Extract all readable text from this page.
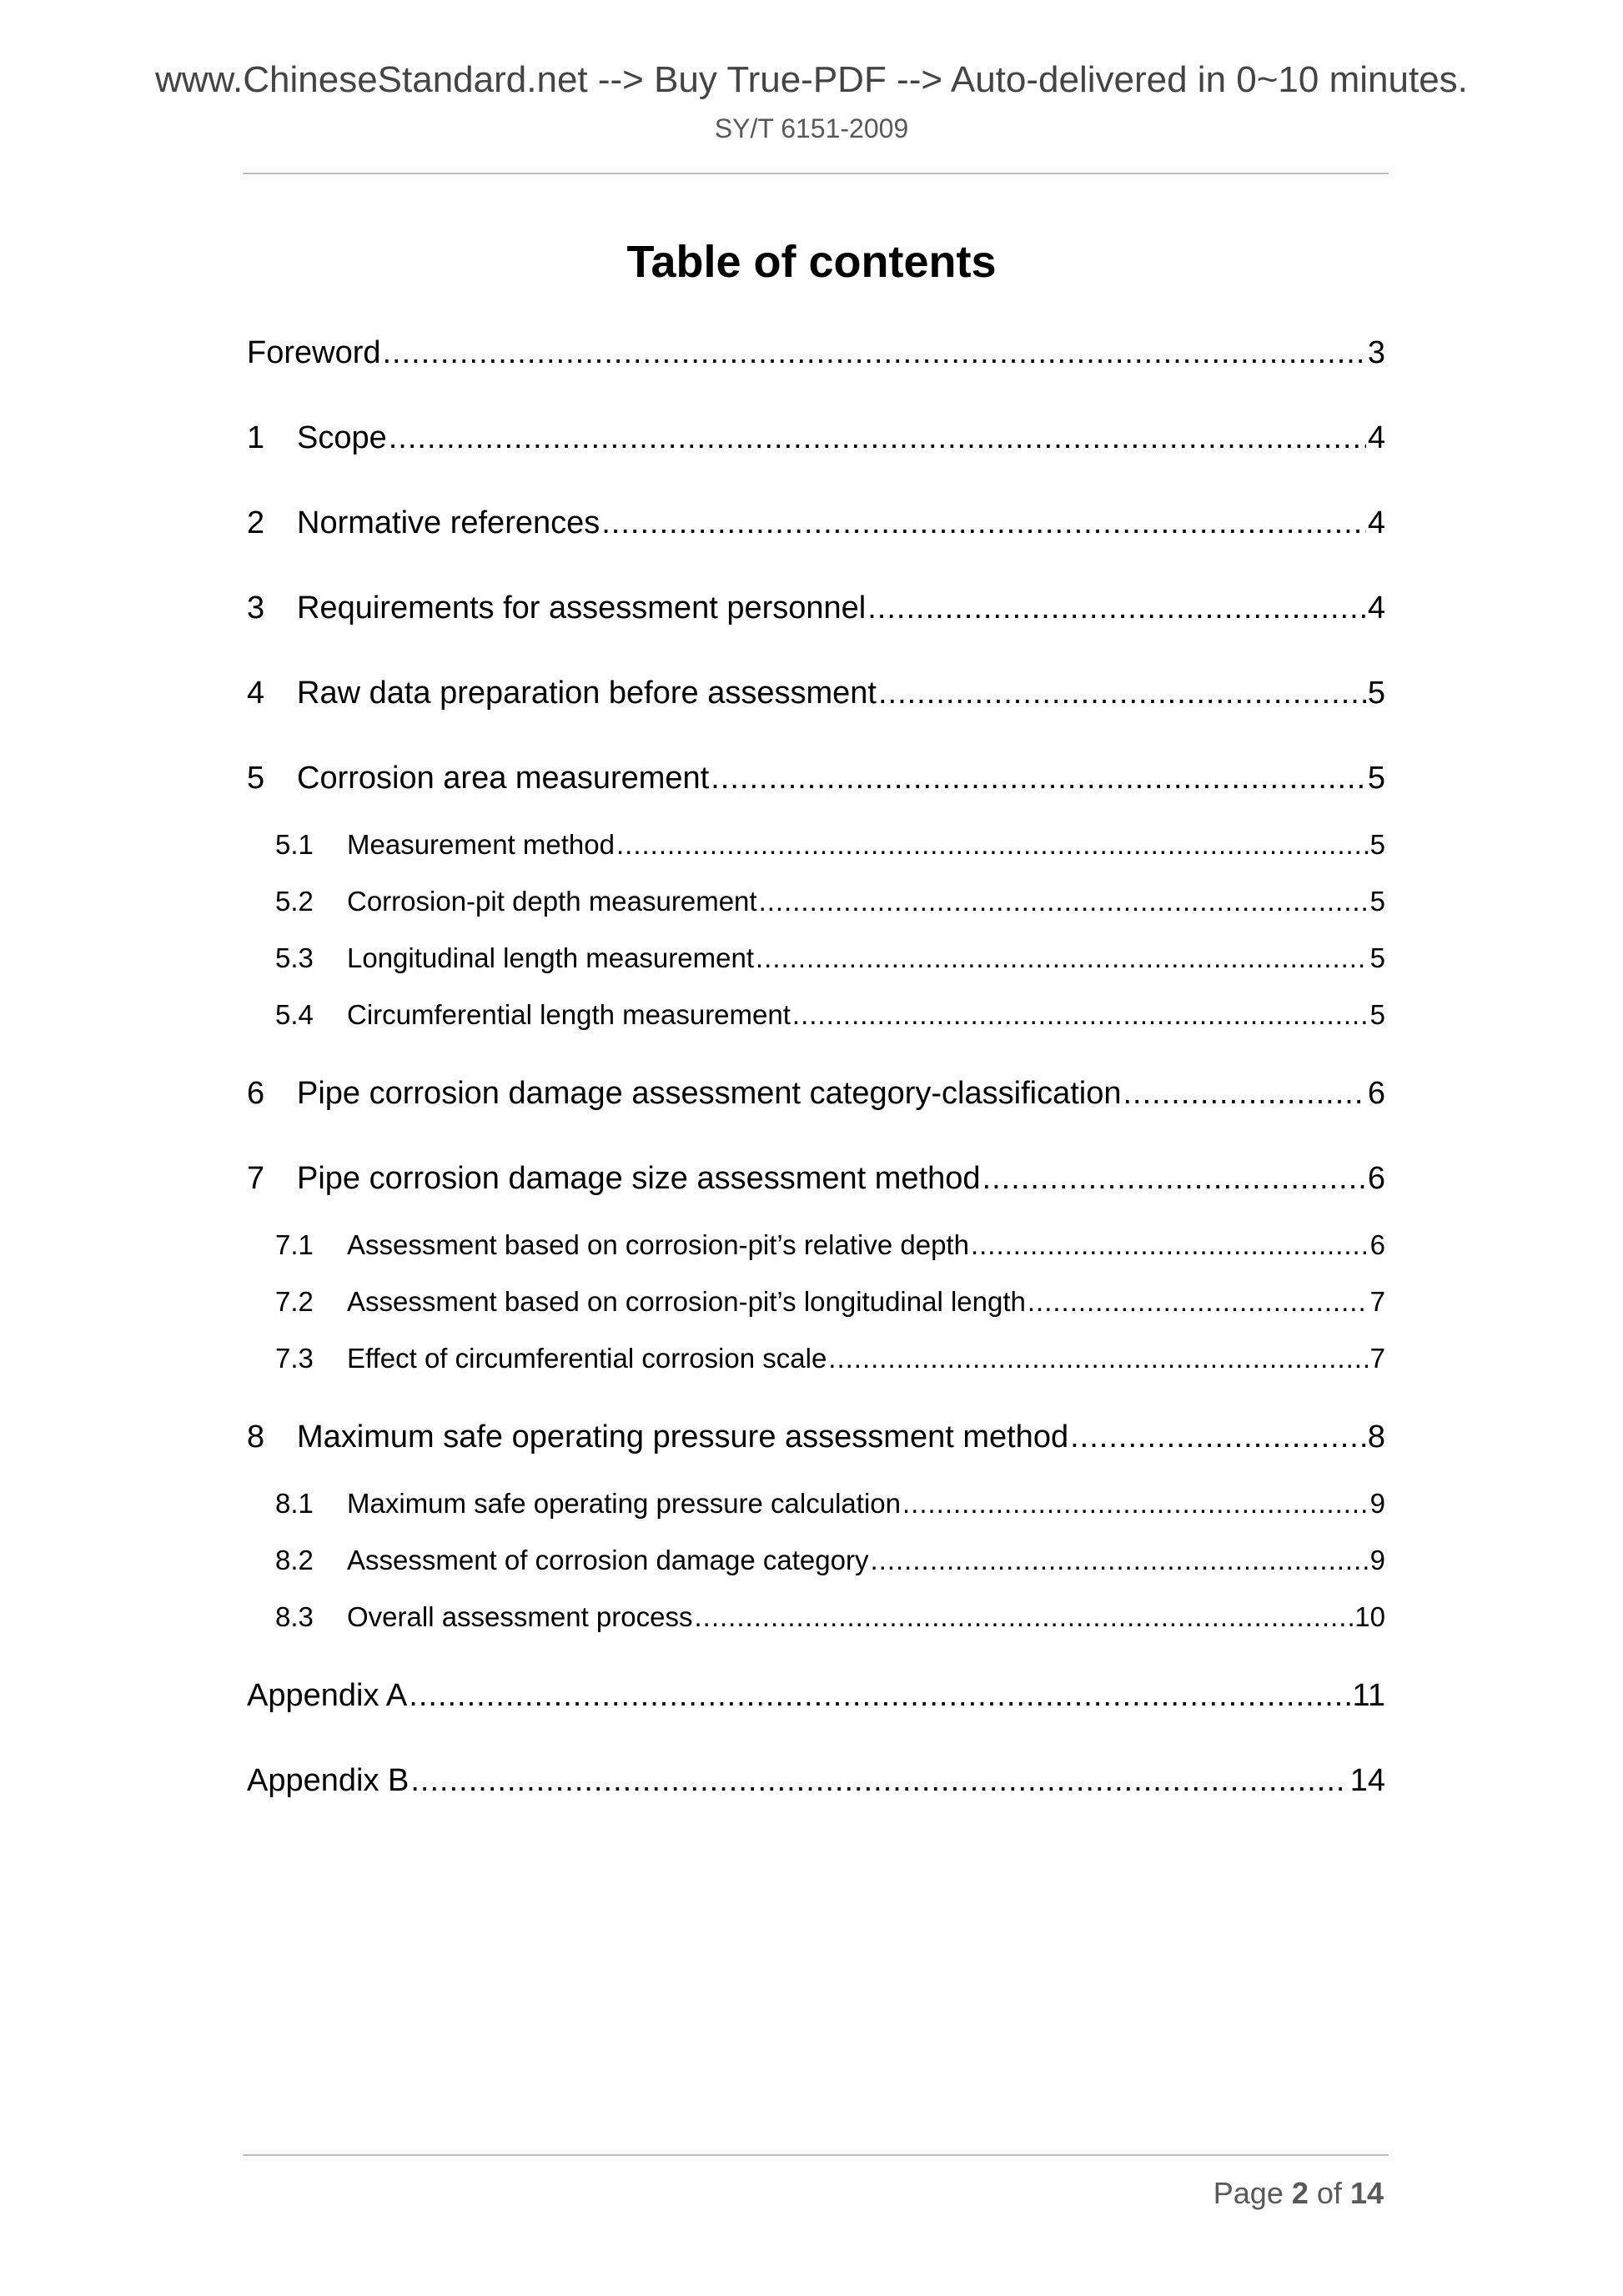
www.ChineseStandard.net --> Buy True-PDF --> Auto-delivered in 0~10 minutes.
SY/T 6151-2009
Table of contents
Foreword .....	3
1	Scope .....	4
2	Normative references .....	4
3	Requirements for assessment personnel .....	4
4	Raw data preparation before assessment .....	5
5	Corrosion area measurement .....	5
5.1	Measurement method .....	5
5.2	Corrosion-pit depth measurement .....	5
5.3	Longitudinal length measurement .....	5
5.4	Circumferential length measurement .....	5
6	Pipe corrosion damage assessment category-classification .....	6
7	Pipe corrosion damage size assessment method .....	6
7.1	Assessment based on corrosion-pit’s relative depth .....	6
7.2	Assessment based on corrosion-pit’s longitudinal length .....	7
7.3	Effect of circumferential corrosion scale .....	7
8	Maximum safe operating pressure assessment method .....	8
8.1	Maximum safe operating pressure calculation .....	9
8.2	Assessment of corrosion damage category .....	9
8.3	Overall assessment process .....	10
Appendix A .....	11
Appendix B .....	14
Page 2 of 14
